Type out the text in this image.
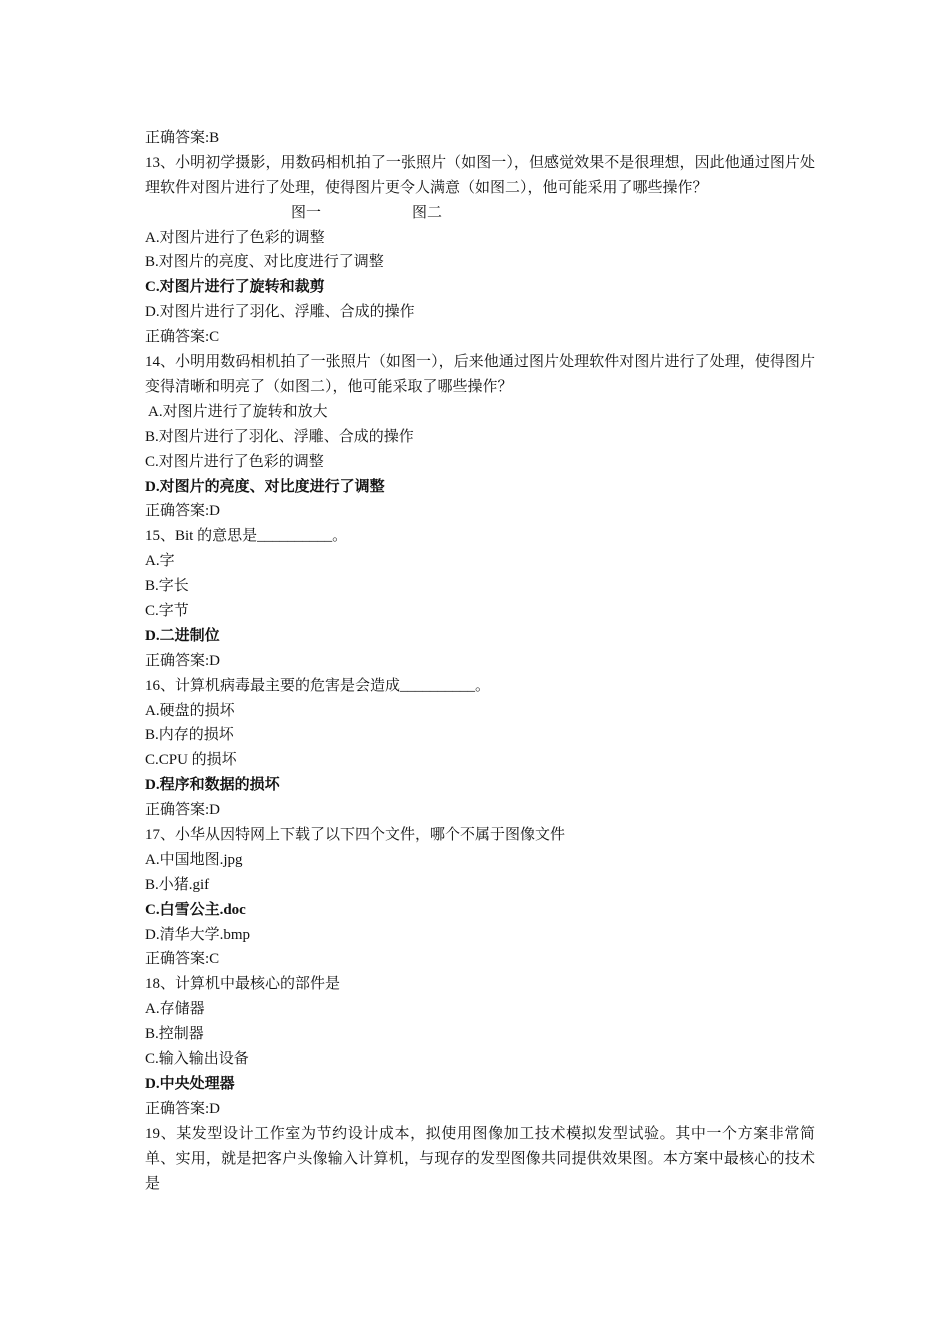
正确答案:B
13、小明初学摄影，用数码相机拍了一张照片（如图一），但感觉效果不是很理想，因此他通过图片处理软件对图片进行了处理，使得图片更令人满意（如图二），他可能采用了哪些操作？
图一	图二
A.对图片进行了色彩的调整
B.对图片的亮度、对比度进行了调整
C.对图片进行了旋转和裁剪
D.对图片进行了羽化、浮雕、合成的操作
正确答案:C
14、小明用数码相机拍了一张照片（如图一），后来他通过图片处理软件对图片进行了处理，使得图片变得清晰和明亮了（如图二），他可能采取了哪些操作？
A.对图片进行了旋转和放大
B.对图片进行了羽化、浮雕、合成的操作
C.对图片进行了色彩的调整
D.对图片的亮度、对比度进行了调整
正确答案:D
15、Bit 的意思是__________。
A.字
B.字长
C.字节
D.二进制位
正确答案:D
16、计算机病毒最主要的危害是会造成__________。
A.硬盘的损坏
B.内存的损坏
C.CPU 的损坏
D.程序和数据的损坏
正确答案:D
17、小华从因特网上下载了以下四个文件，哪个不属于图像文件
A.中国地图.jpg
B.小猪.gif
C.白雪公主.doc
D.清华大学.bmp
正确答案:C
18、计算机中最核心的部件是
A.存储器
B.控制器
C.输入输出设备
D.中央处理器
正确答案:D
19、某发型设计工作室为节约设计成本，拟使用图像加工技术模拟发型试验。其中一个方案非常简单、实用，就是把客户头像输入计算机，与现存的发型图像共同提供效果图。本方案中最核心的技术是
